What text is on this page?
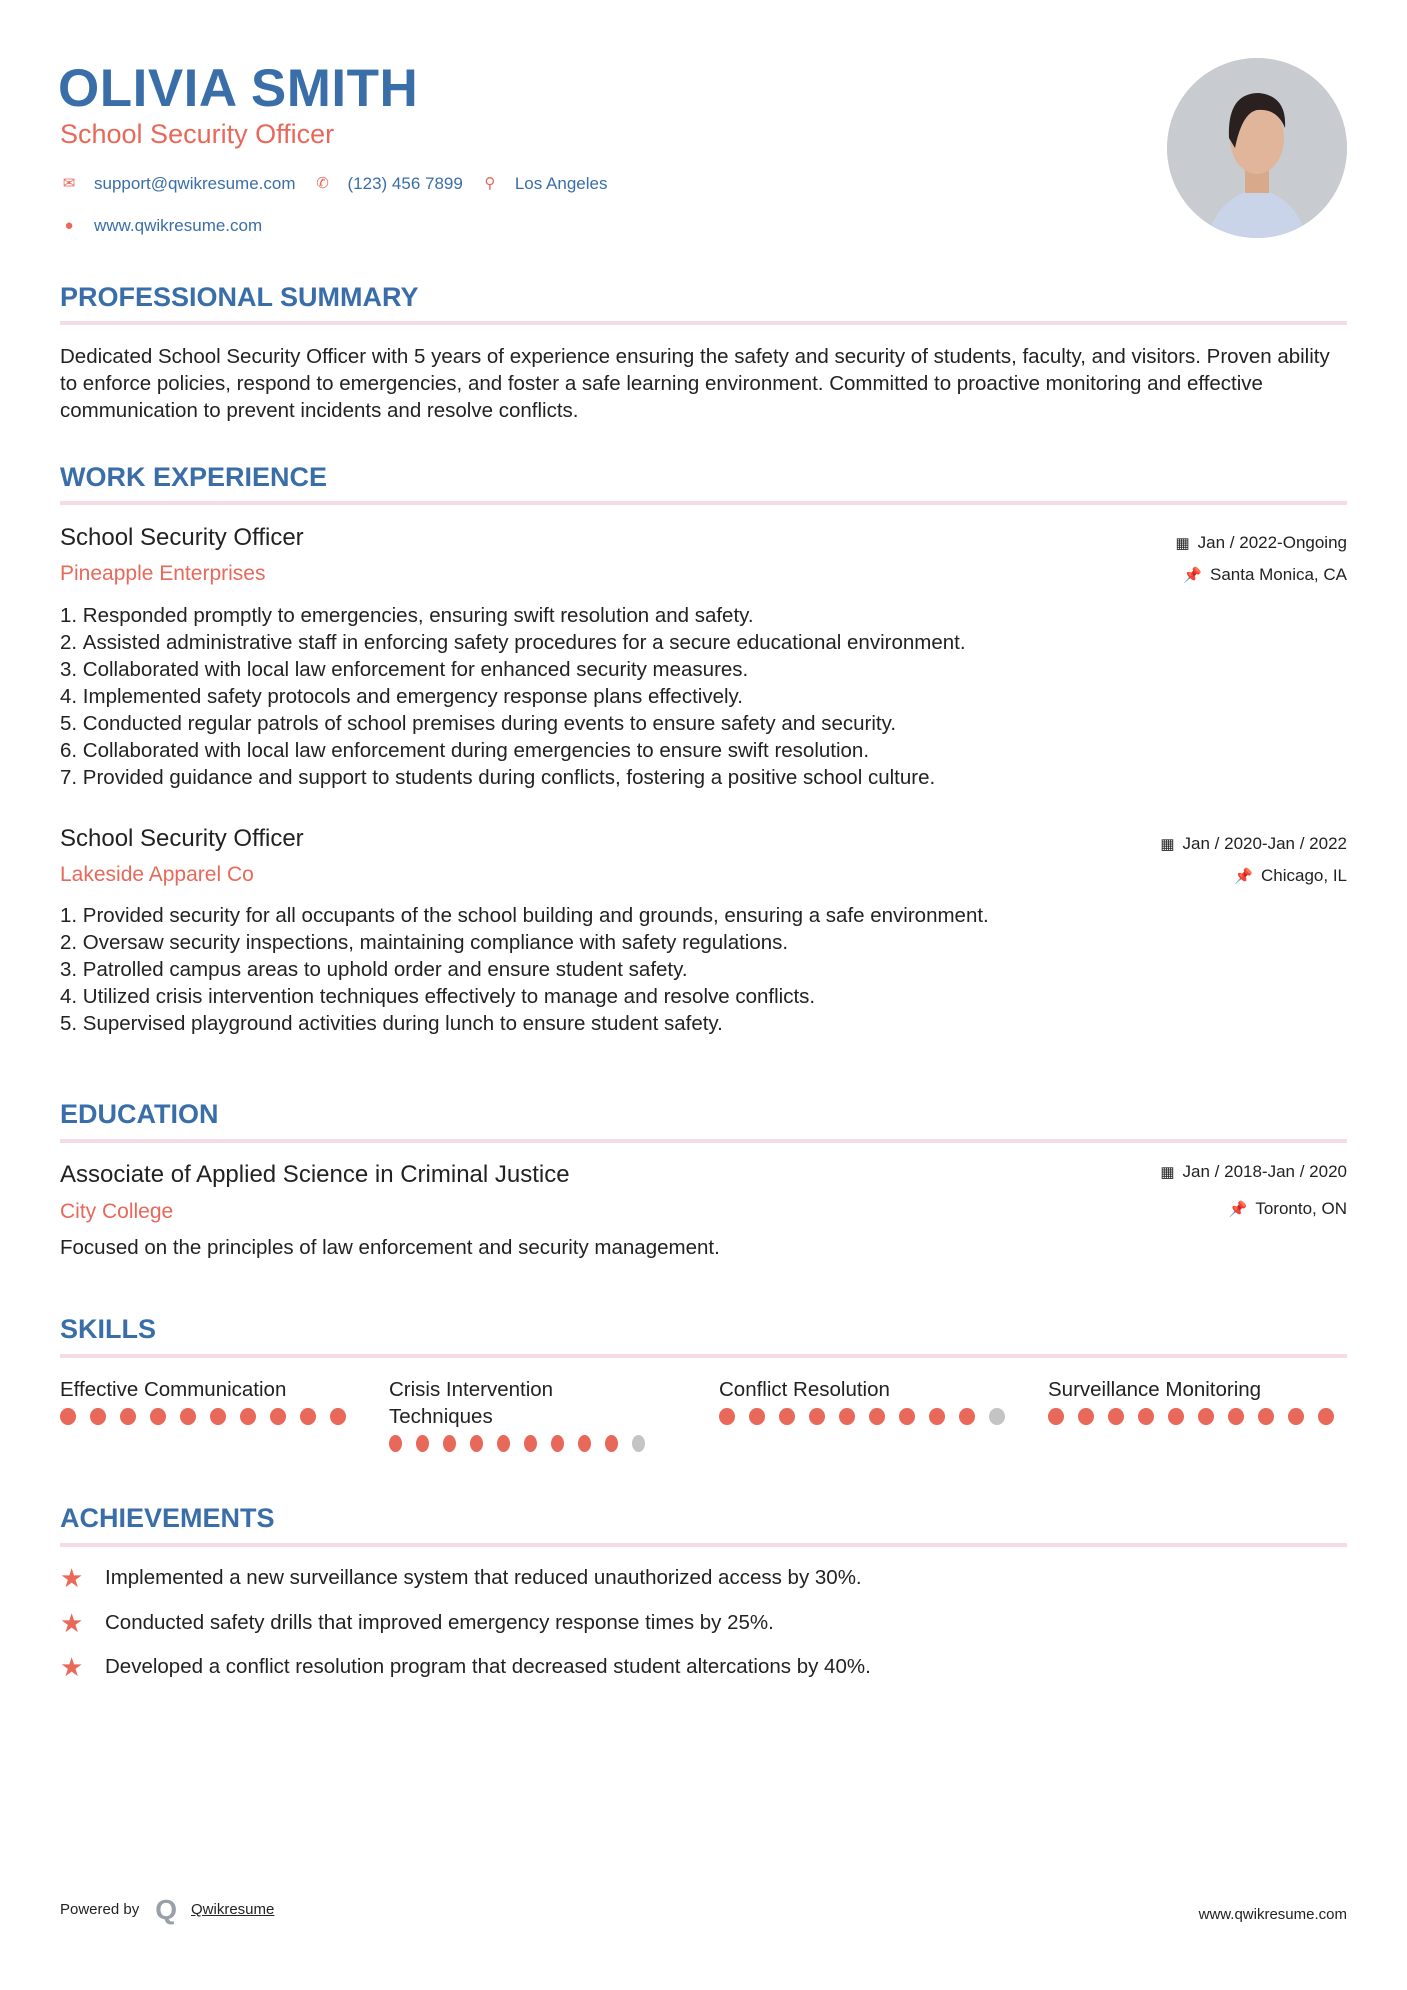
OLIVIA SMITH
School Security Officer
✉ support@qwikresume.com ✆ (123) 456 7899 ⚲ Los Angeles
● www.qwikresume.com
PROFESSIONAL SUMMARY
Dedicated School Security Officer with 5 years of experience ensuring the safety and security of students, faculty, and visitors. Proven ability to enforce policies, respond to emergencies, and foster a safe learning environment. Committed to proactive monitoring and effective communication to prevent incidents and resolve conflicts.
WORK EXPERIENCE
School Security Officer
Pineapple Enterprises
▦ Jan / 2022-Ongoing
📌 Santa Monica, CA
1. Responded promptly to emergencies, ensuring swift resolution and safety.
2. Assisted administrative staff in enforcing safety procedures for a secure educational environment.
3. Collaborated with local law enforcement for enhanced security measures.
4. Implemented safety protocols and emergency response plans effectively.
5. Conducted regular patrols of school premises during events to ensure safety and security.
6. Collaborated with local law enforcement during emergencies to ensure swift resolution.
7. Provided guidance and support to students during conflicts, fostering a positive school culture.
School Security Officer
Lakeside Apparel Co
▦ Jan / 2020-Jan / 2022
📌 Chicago, IL
1. Provided security for all occupants of the school building and grounds, ensuring a safe environment.
2. Oversaw security inspections, maintaining compliance with safety regulations.
3. Patrolled campus areas to uphold order and ensure student safety.
4. Utilized crisis intervention techniques effectively to manage and resolve conflicts.
5. Supervised playground activities during lunch to ensure student safety.
EDUCATION
Associate of Applied Science in Criminal Justice
City College
Focused on the principles of law enforcement and security management.
▦ Jan / 2018-Jan / 2020
📌 Toronto, ON
SKILLS
Effective Communication	Crisis Intervention Techniques
Conflict Resolution	Surveillance Monitoring
ACHIEVEMENTS
★	Implemented a new surveillance system that reduced unauthorized access by 30%.
★	Conducted safety drills that improved emergency response times by 25%.
★	Developed a conflict resolution program that decreased student altercations by 40%.
Powered by Q Qwikresume	www.qwikresume.com
